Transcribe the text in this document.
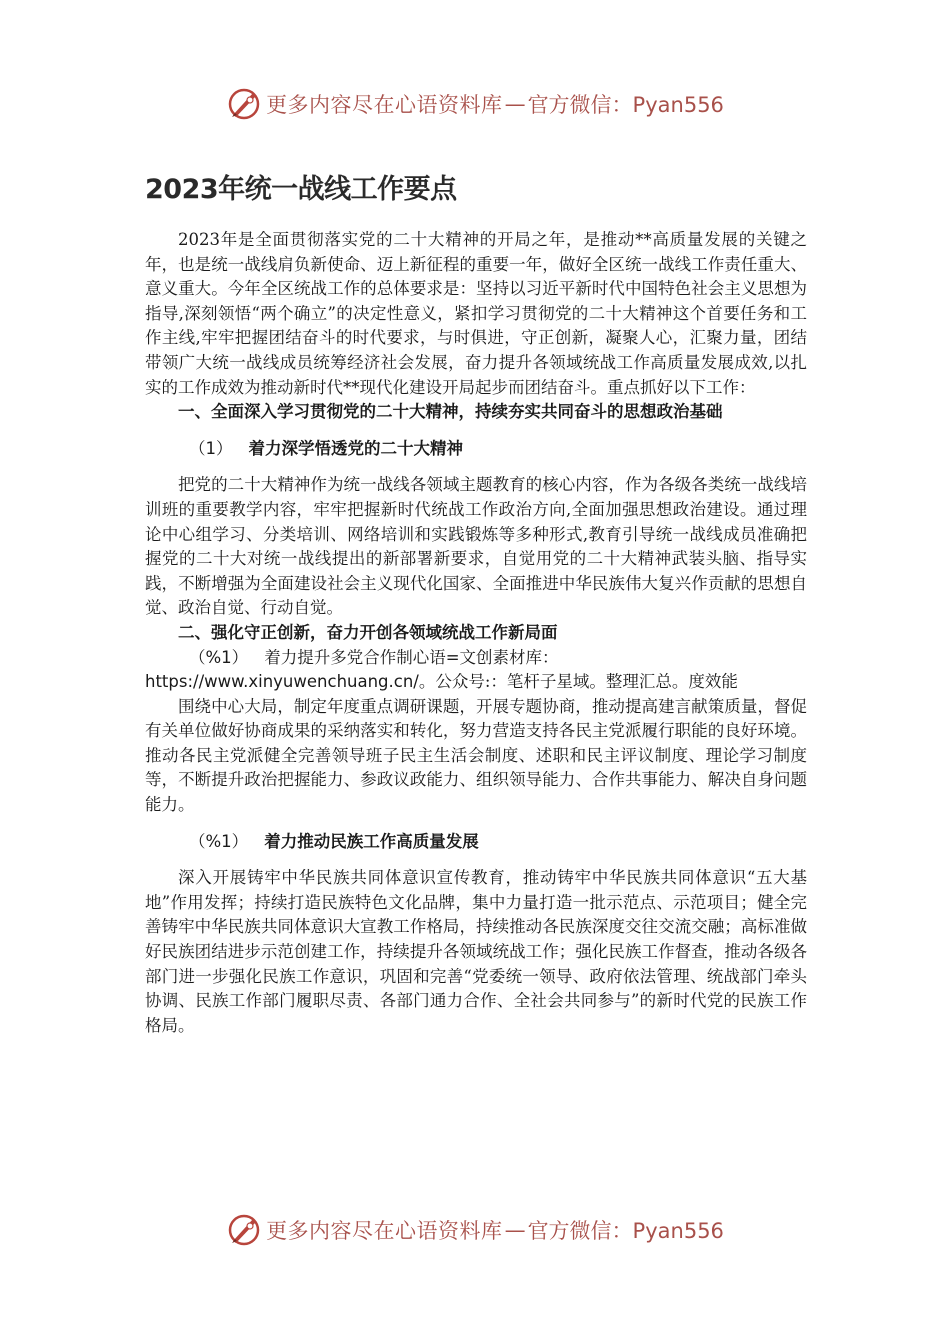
更多内容尽在心语资料库 — 官方微信：Pyan556
2023年统一战线工作要点

2023年是全面贯彻落实党的二十大精神的开局之年，是推动**高质量发展的关键之年，也是统一战线肩负新使命、迈上新征程的重要一年，做好全区统一战线工作责任重大、意义重大。今年全区统战工作的总体要求是：坚持以习近平新时代中国特色社会主义思想为指导,深刻领悟“两个确立”的决定性意义，紧扣学习贯彻党的二十大精神这个首要任务和工作主线,牢牢把握团结奋斗的时代要求，与时俱进，守正创新，凝聚人心，汇聚力量，团结带领广大统一战线成员统筹经济社会发展，奋力提升各领域统战工作高质量发展成效,以扎实的工作成效为推动新时代**现代化建设开局起步而团结奋斗。重点抓好以下工作：

一、全面深入学习贯彻党的二十大精神，持续夯实共同奋斗的思想政治基础
（1） 着力深学悟透党的二十大精神

把党的二十大精神作为统一战线各领域主题教育的核心内容，作为各级各类统一战线培训班的重要教学内容，牢牢把握新时代统战工作政治方向,全面加强思想政治建设。通过理论中心组学习、分类培训、网络培训和实践锻炼等多种形式,教育引导统一战线成员准确把握党的二十大对统一战线提出的新部署新要求，自觉用党的二十大精神武装头脑、指导实践，不断增强为全面建设社会主义现代化国家、全面推进中华民族伟大复兴作贡献的思想自觉、政治自觉、行动自觉。

二、强化守正创新，奋力开创各领域统战工作新局面
（%1） 着力提升多党合作制心语=文创素材库：
https://www.xinyuwenchuang.cn/。公众号:：笔杆子星域。整理汇总。度效能

围绕中心大局，制定年度重点调研课题，开展专题协商，推动提高建言献策质量，督促有关单位做好协商成果的采纳落实和转化，努力营造支持各民主党派履行职能的良好环境。推动各民主党派健全完善领导班子民主生活会制度、述职和民主评议制度、理论学习制度等，不断提升政治把握能力、参政议政能力、组织领导能力、合作共事能力、解决自身问题能力。

（%1） 着力推动民族工作高质量发展

深入开展铸牢中华民族共同体意识宣传教育，推动铸牢中华民族共同体意识“五大基地”作用发挥；持续打造民族特色文化品牌，集中力量打造一批示范点、示范项目；健全完善铸牢中华民族共同体意识大宣教工作格局，持续推动各民族深度交往交流交融；高标准做好民族团结进步示范创建工作，持续提升各领域统战工作；强化民族工作督查，推动各级各部门进一步强化民族工作意识，巩固和完善“党委统一领导、政府依法管理、统战部门牵头协调、民族工作部门履职尽责、各部门通力合作、全社会共同参与”的新时代党的民族工作格局。

更多内容尽在心语资料库 — 官方微信：Pyan556
